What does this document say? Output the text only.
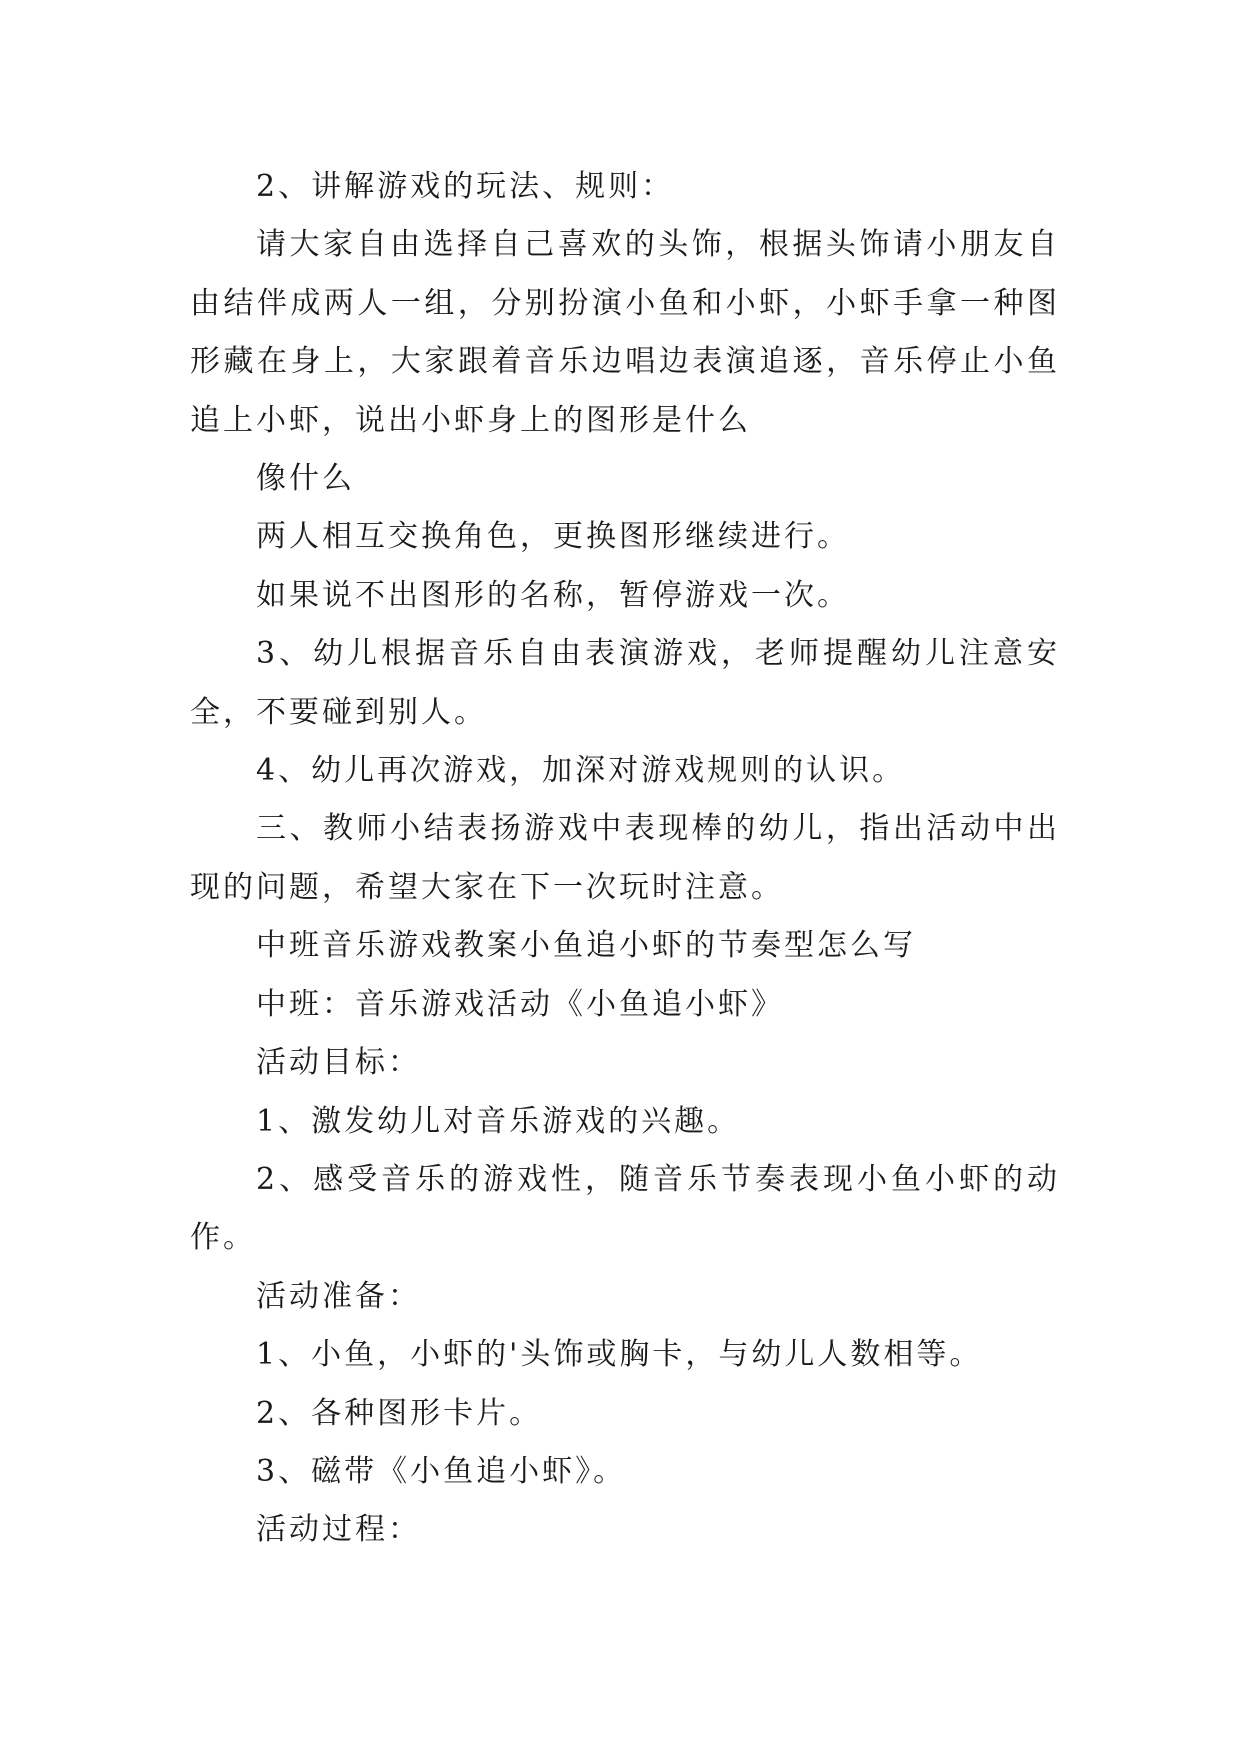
2、讲解游戏的玩法、规则：

请大家自由选择自己喜欢的头饰，根据头饰请小朋友自由结伴成两人一组，分别扮演小鱼和小虾，小虾手拿一种图形藏在身上，大家跟着音乐边唱边表演追逐，音乐停止小鱼追上小虾，说出小虾身上的图形是什么

像什么

两人相互交换角色，更换图形继续进行。

如果说不出图形的名称，暂停游戏一次。

3、幼儿根据音乐自由表演游戏，老师提醒幼儿注意安全，不要碰到别人。

4、幼儿再次游戏，加深对游戏规则的认识。

三、教师小结表扬游戏中表现棒的幼儿，指出活动中出现的问题，希望大家在下一次玩时注意。

中班音乐游戏教案小鱼追小虾的节奏型怎么写

中班：音乐游戏活动《小鱼追小虾》

活动目标：

1、激发幼儿对音乐游戏的兴趣。

2、感受音乐的游戏性，随音乐节奏表现小鱼小虾的动作。

活动准备：

1、小鱼，小虾的'头饰或胸卡，与幼儿人数相等。

2、各种图形卡片。

3、磁带《小鱼追小虾》。

活动过程：
